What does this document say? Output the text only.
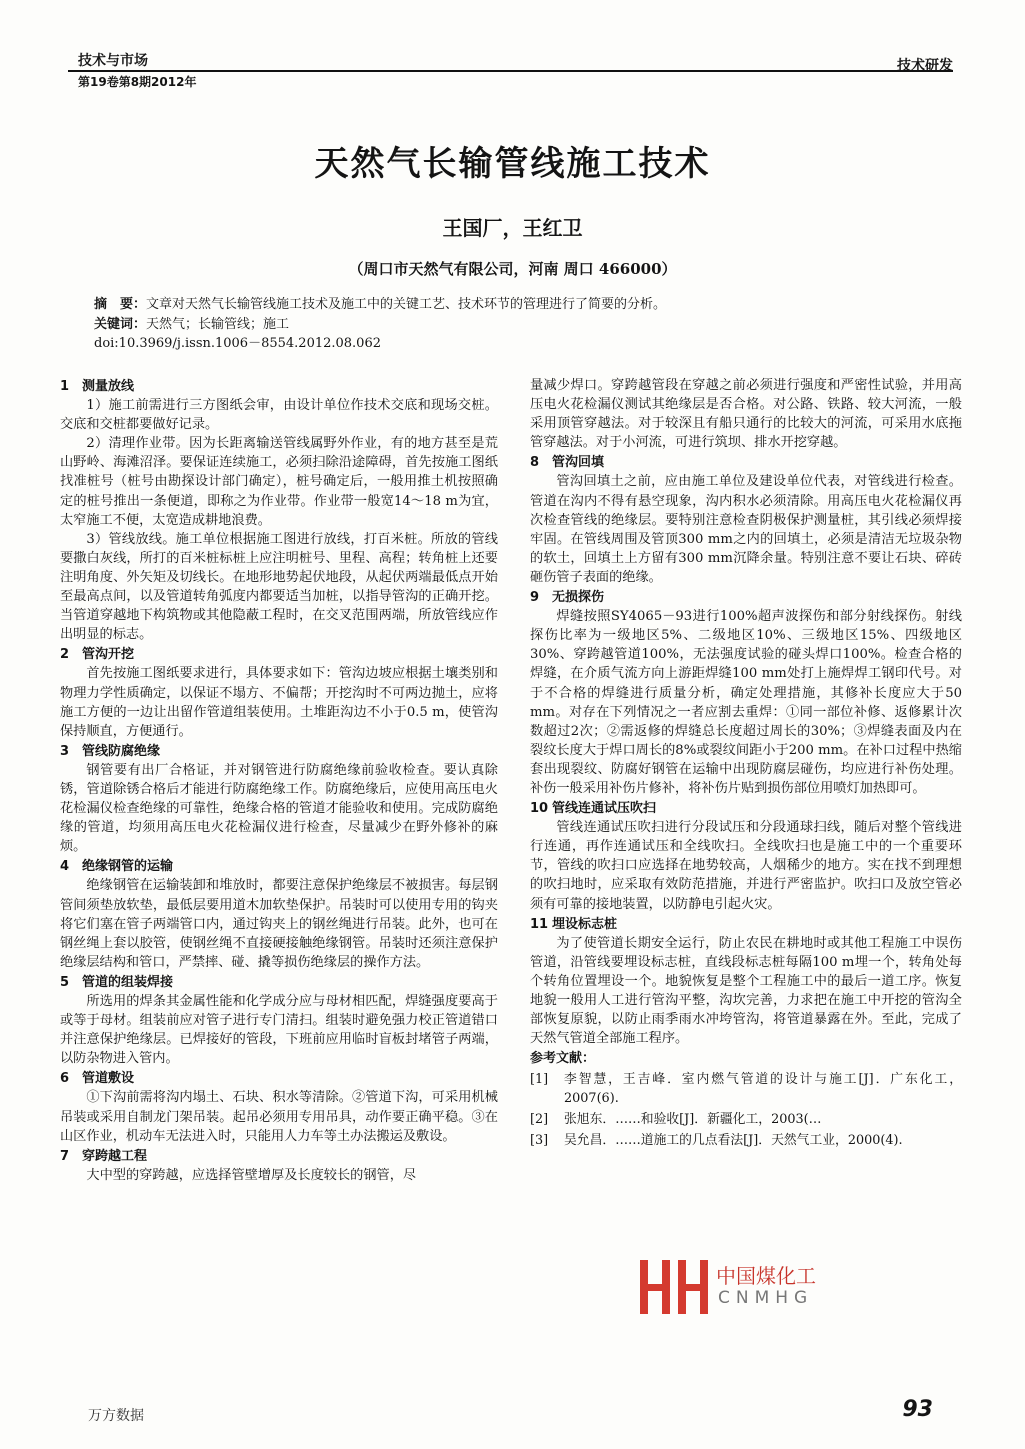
技术与市场
第19卷第8期2012年
技术研发
天然气长输管线施工技术
王国厂，王红卫
（周口市天然气有限公司，河南 周口 466000）
摘　要：文章对天然气长输管线施工技术及施工中的关键工艺、技术环节的管理进行了简要的分析。
关键词：天然气；长输管线；施工
doi:10.3969/j.issn.1006－8554.2012.08.062
1 测量放线

1）施工前需进行三方图纸会审，由设计单位作技术交底和现场交桩。交底和交桩都要做好记录。

2）清理作业带。因为长距离输送管线属野外作业，有的地方甚至是荒山野岭、海滩沼泽。要保证连续施工，必须扫除沿途障碍，首先按施工图纸找准桩号（桩号由勘探设计部门确定），桩号确定后，一般用推土机按照确定的桩号推出一条便道，即称之为作业带。作业带一般宽14～18 m为宜，太窄施工不便，太宽造成耕地浪费。

3）管线放线。施工单位根据施工图进行放线，打百米桩。所放的管线要撒白灰线，所打的百米桩标桩上应注明桩号、里程、高程；转角桩上还要注明角度、外矢矩及切线长。在地形地势起伏地段，从起伏两端最低点开始至最高点间，以及管道转角弧度内都要适当加桩，以指导管沟的正确开挖。当管道穿越地下构筑物或其他隐蔽工程时，在交叉范围两端，所放管线应作出明显的标志。

2 管沟开挖

首先按施工图纸要求进行，具体要求如下：管沟边坡应根据土壤类别和物理力学性质确定，以保证不塌方、不偏帮；开挖沟时不可两边抛土，应将施工方便的一边让出留作管道组装使用。土堆距沟边不小于0.5 m，使管沟保持顺直，方便通行。

3 管线防腐绝缘

钢管要有出厂合格证，并对钢管进行防腐绝缘前验收检查。要认真除锈，管道除锈合格后才能进行防腐绝缘工作。防腐绝缘后，应使用高压电火花检漏仪检查绝缘的可靠性，绝缘合格的管道才能验收和使用。完成防腐绝缘的管道，均须用高压电火花检漏仪进行检查，尽量减少在野外修补的麻烦。

4 绝缘钢管的运输

绝缘钢管在运输装卸和堆放时，都要注意保护绝缘层不被损害。每层钢管间须垫放软垫，最低层要用道木加软垫保护。吊装时可以使用专用的钩夹将它们塞在管子两端管口内，通过钩夹上的钢丝绳进行吊装。此外，也可在钢丝绳上套以胶管，使钢丝绳不直接硬接触绝缘钢管。吊装时还须注意保护绝缘层结构和管口，严禁摔、碰、撬等损伤绝缘层的操作方法。

5 管道的组装焊接

所选用的焊条其金属性能和化学成分应与母材相匹配，焊缝强度要高于或等于母材。组装前应对管子进行专门清扫。组装时避免强力校正管道错口并注意保护绝缘层。已焊接好的管段，下班前应用临时盲板封堵管子两端，以防杂物进入管内。

6 管道敷设

①下沟前需将沟内塌土、石块、积水等清除。②管道下沟，可采用机械吊装或采用自制龙门架吊装。起吊必须用专用吊具，动作要正确平稳。③在山区作业，机动车无法进入时，只能用人力车等土办法搬运及敷设。

7 穿跨越工程

大中型的穿跨越，应选择管壁增厚及长度较长的钢管，尽

量减少焊口。穿跨越管段在穿越之前必须进行强度和严密性试验，并用高压电火花检漏仪测试其绝缘层是否合格。对公路、铁路、较大河流，一般采用顶管穿越法。对于较深且有船只通行的比较大的河流，可采用水底拖管穿越法。对于小河流，可进行筑坝、排水开挖穿越。

8 管沟回填

管沟回填土之前，应由施工单位及建设单位代表，对管线进行检查。管道在沟内不得有悬空现象，沟内积水必须清除。用高压电火花检漏仪再次检查管线的绝缘层。要特别注意检查阴极保护测量桩，其引线必须焊接牢固。在管线周围及管顶300 mm之内的回填土，必须是清洁无垃圾杂物的软土，回填土上方留有300 mm沉降余量。特别注意不要让石块、碎砖砸伤管子表面的绝缘。

9 无损探伤

焊缝按照SY4065－93进行100%超声波探伤和部分射线探伤。射线探伤比率为一级地区5%、二级地区10%、三级地区15%、四级地区30%、穿跨越管道100%，无法强度试验的碰头焊口100%。检查合格的焊缝，在介质气流方向上游距焊缝100 mm处打上施焊焊工钢印代号。对于不合格的焊缝进行质量分析，确定处理措施，其修补长度应大于50 mm。对存在下列情况之一者应割去重焊：①同一部位补修、返修累计次数超过2次；②需返修的焊缝总长度超过周长的30%；③焊缝表面及内在裂纹长度大于焊口周长的8%或裂纹间距小于200 mm。在补口过程中热缩套出现裂纹、防腐好钢管在运输中出现防腐层碰伤，均应进行补伤处理。补伤一般采用补伤片修补，将补伤片贴到损伤部位用喷灯加热即可。

10 管线连通试压吹扫

管线连通试压吹扫进行分段试压和分段通球扫线，随后对整个管线进行连通，再作连通试压和全线吹扫。全线吹扫也是施工中的一个重要环节，管线的吹扫口应选择在地势较高，人烟稀少的地方。实在找不到理想的吹扫地时，应采取有效防范措施，并进行严密监护。吹扫口及放空管必须有可靠的接地装置，以防静电引起火灾。

11 埋设标志桩

为了使管道长期安全运行，防止农民在耕地时或其他工程施工中误伤管道，沿管线要埋设标志桩，直线段标志桩每隔100 m埋一个，转角处每个转角位置埋设一个。地貌恢复是整个工程施工中的最后一道工序。恢复地貌一般用人工进行管沟平整，沟坎完善，力求把在施工中开挖的管沟全部恢复原貌，以防止雨季雨水冲垮管沟，将管道暴露在外。至此，完成了天然气管道全部施工程序。

参考文献：
[1]	李智慧，王吉峰．室内燃气管道的设计与施工[J]．广东化工，2007(6).
[2]	张旭东．……和验收[J]．新疆化工，2003(…
[3]	吴允昌．……道施工的几点看法[J]．天然气工业，2000(4).
中国煤化工
CNMHG
万方数据	93
